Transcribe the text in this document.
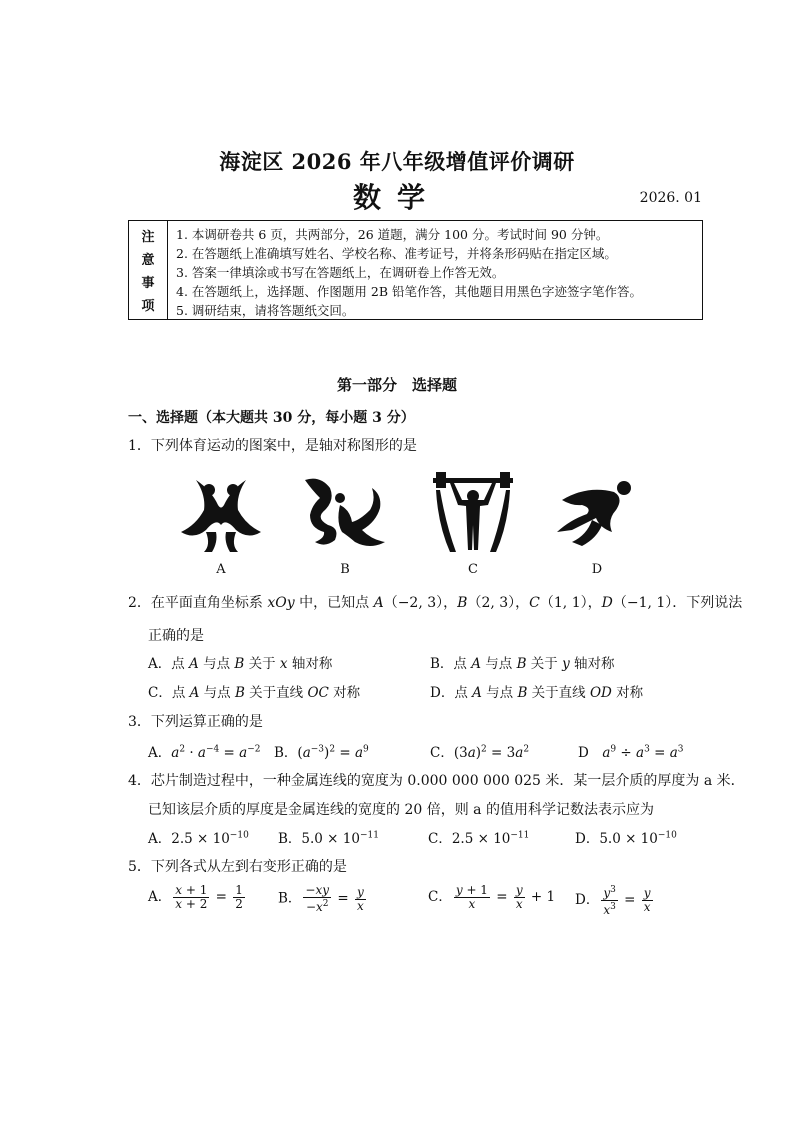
海淀区 2026 年八年级增值评价调研
数学	2026. 01
注
意
事
项
1. 本调研卷共 6 页，共两部分，26 道题，满分 100 分。考试时间 90 分钟。
2. 在答题纸上准确填写姓名、学校名称、准考证号，并将条形码贴在指定区域。
3. 答案一律填涂或书写在答题纸上，在调研卷上作答无效。
4. 在答题纸上，选择题、作图题用 2B 铅笔作答，其他题目用黑色字迹签字笔作答。
5. 调研结束，请将答题纸交回。
第一部分　选择题
一、选择题（本大题共 30 分，每小题 3 分）
1．下列体育运动的图案中，是轴对称图形的是
A	B	C	D
2．在平面直角坐标系 xOy 中，已知点 A（−2, 3），B（2, 3），C（1, 1），D（−1, 1）．下列说法
正确的是
A．点 A 与点 B 关于 x 轴对称	B．点 A 与点 B 关于 y 轴对称
C．点 A 与点 B 关于直线 OC 对称	D．点 A 与点 B 关于直线 OD 对称
3．下列运算正确的是
A．$a^2 \cdot a^{-4} = a^{-2}$ B．$(a^{-3})^2 = a^9$	C．$(3a)^2 = 3a^2$	D　$a^9 \div a^3 = a^3$
4．芯片制造过程中，一种金属连线的宽度为 0.000 000 000 025 米．某一层介质的厚度为 a 米．
已知该层介质的厚度是金属连线的宽度的 20 倍，则 a 的值用科学记数法表示应为
A．$2.5 \times 10^{-10}$ B．$5.0 \times 10^{-11}$	C．$2.5 \times 10^{-11}$	D．$5.0 \times 10^{-10}$
5．下列各式从左到右变形正确的是
A． $\frac{x + 1}{x + 2} = \frac{1}{2}$ B． $\frac{-xy}{-x^2} = \frac{y}{x}$	C． $\frac{y + 1}{x} = \frac{y}{x} + 1$ D． $\frac{y^3}{x^3} = \frac{y}{x}$
